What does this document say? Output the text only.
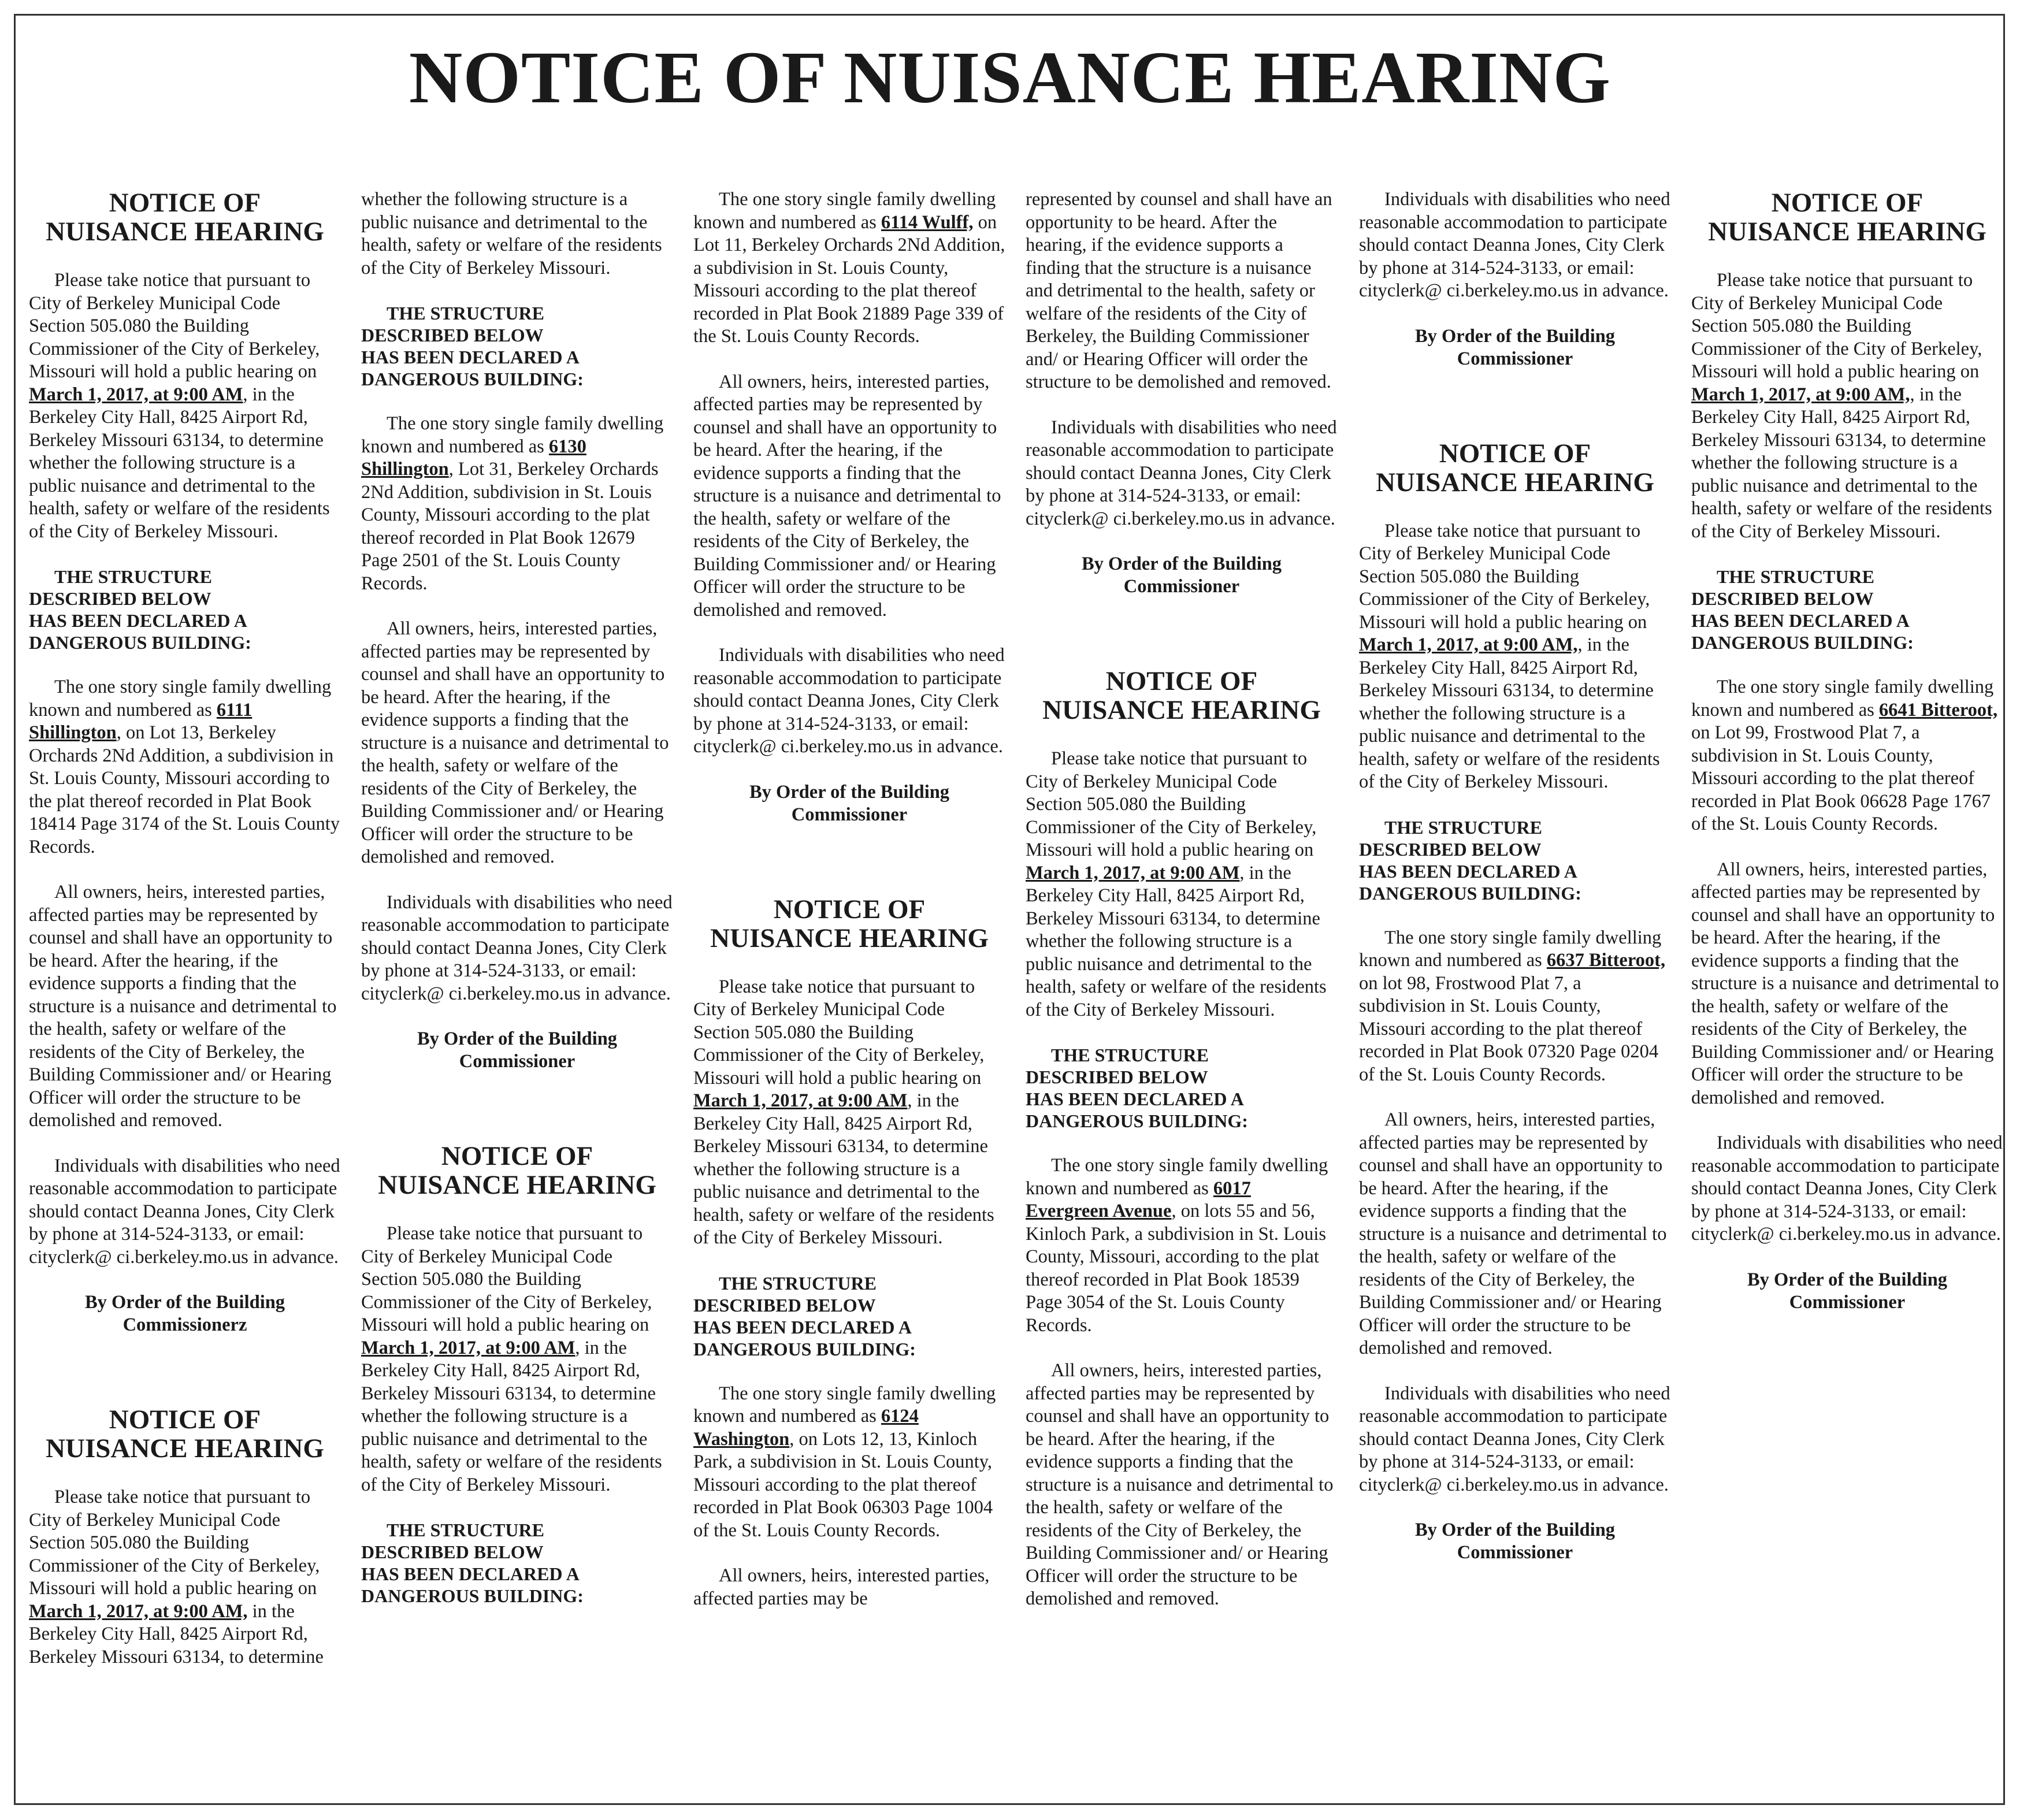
NOTICE OF NUISANCE HEARING
NOTICE OF
NUISANCE HEARING

Please take notice that pursuant to City of Berkeley Municipal Code Section 505.080 the Building Commissioner of the City of Berkeley, Missouri will hold a public hearing on March 1, 2017, at 9:00 AM, in the Berkeley City Hall, 8425 Airport Rd, Berkeley Missouri 63134, to determine whether the following structure is a public nuisance and detrimental to the health, safety or welfare of the residents of the City of Berkeley Missouri.

THE STRUCTURE
DESCRIBED BELOW
HAS BEEN DECLARED A
DANGEROUS BUILDING:

The one story single family dwelling known and numbered as 6111 Shillington, on Lot 13, Berkeley Orchards 2Nd Addition, a subdivision in St. Louis County, Missouri according to the plat thereof recorded in Plat Book 18414 Page 3174 of the St. Louis County Records.

All owners, heirs, interested parties, affected parties may be represented by counsel and shall have an opportunity to be heard. After the hearing, if the evidence supports a finding that the structure is a nuisance and detrimental to the health, safety or welfare of the residents of the City of Berkeley, the Building Commissioner and/ or Hearing Officer will order the structure to be demolished and removed.

Individuals with disabilities who need reasonable accommodation to participate should contact Deanna Jones, City Clerk by phone at 314-524-3133, or email: cityclerk@ ci.berkeley.mo.us in advance.

By Order of the Building
Commissionerz
NOTICE OF
NUISANCE HEARING

Please take notice that pursuant to City of Berkeley Municipal Code Section 505.080 the Building Commissioner of the City of Berkeley, Missouri will hold a public hearing on March 1, 2017, at 9:00 AM, in the Berkeley City Hall, 8425 Airport Rd, Berkeley Missouri 63134, to determine

whether the following structure is a public nuisance and detrimental to the health, safety or welfare of the residents of the City of Berkeley Missouri.

THE STRUCTURE
DESCRIBED BELOW
HAS BEEN DECLARED A
DANGEROUS BUILDING:

The one story single family dwelling known and numbered as 6130 Shillington, Lot 31, Berkeley Orchards 2Nd Addition, subdivision in St. Louis County, Missouri according to the plat thereof recorded in Plat Book 12679 Page 2501 of the St. Louis County Records.

All owners, heirs, interested parties, affected parties may be represented by counsel and shall have an opportunity to be heard. After the hearing, if the evidence supports a finding that the structure is a nuisance and detrimental to the health, safety or welfare of the residents of the City of Berkeley, the Building Commissioner and/ or Hearing Officer will order the structure to be demolished and removed.

Individuals with disabilities who need reasonable accommodation to participate should contact Deanna Jones, City Clerk by phone at 314-524-3133, or email: cityclerk@ ci.berkeley.mo.us in advance.

By Order of the Building
Commissioner
NOTICE OF
NUISANCE HEARING

Please take notice that pursuant to City of Berkeley Municipal Code Section 505.080 the Building Commissioner of the City of Berkeley, Missouri will hold a public hearing on March 1, 2017, at 9:00 AM, in the Berkeley City Hall, 8425 Airport Rd, Berkeley Missouri 63134, to determine whether the following structure is a public nuisance and detrimental to the health, safety or welfare of the residents of the City of Berkeley Missouri.

THE STRUCTURE
DESCRIBED BELOW
HAS BEEN DECLARED A
DANGEROUS BUILDING:

The one story single family dwelling known and numbered as 6114 Wulff, on Lot 11, Berkeley Orchards 2Nd Addition, a subdivision in St. Louis County, Missouri according to the plat thereof recorded in Plat Book 21889 Page 339 of the St. Louis County Records.

All owners, heirs, interested parties, affected parties may be represented by counsel and shall have an opportunity to be heard. After the hearing, if the evidence supports a finding that the structure is a nuisance and detrimental to the health, safety or welfare of the residents of the City of Berkeley, the Building Commissioner and/ or Hearing Officer will order the structure to be demolished and removed.

Individuals with disabilities who need reasonable accommodation to participate should contact Deanna Jones, City Clerk by phone at 314-524-3133, or email: cityclerk@ ci.berkeley.mo.us in advance.

By Order of the Building
Commissioner
NOTICE OF
NUISANCE HEARING

Please take notice that pursuant to City of Berkeley Municipal Code Section 505.080 the Building Commissioner of the City of Berkeley, Missouri will hold a public hearing on March 1, 2017, at 9:00 AM, in the Berkeley City Hall, 8425 Airport Rd, Berkeley Missouri 63134, to determine whether the following structure is a public nuisance and detrimental to the health, safety or welfare of the residents of the City of Berkeley Missouri.

THE STRUCTURE
DESCRIBED BELOW
HAS BEEN DECLARED A
DANGEROUS BUILDING:

The one story single family dwelling known and numbered as 6124 Washington, on Lots 12, 13, Kinloch Park, a subdivision in St. Louis County, Missouri according to the plat thereof recorded in Plat Book 06303 Page 1004 of the St. Louis County Records.

All owners, heirs, interested parties, affected parties may be

represented by counsel and shall have an opportunity to be heard. After the hearing, if the evidence supports a finding that the structure is a nuisance and detrimental to the health, safety or welfare of the residents of the City of Berkeley, the Building Commissioner and/ or Hearing Officer will order the structure to be demolished and removed.

Individuals with disabilities who need reasonable accommodation to participate should contact Deanna Jones, City Clerk by phone at 314-524-3133, or email: cityclerk@ ci.berkeley.mo.us in advance.

By Order of the Building
Commissioner
NOTICE OF
NUISANCE HEARING

Please take notice that pursuant to City of Berkeley Municipal Code Section 505.080 the Building Commissioner of the City of Berkeley, Missouri will hold a public hearing on March 1, 2017, at 9:00 AM, in the Berkeley City Hall, 8425 Airport Rd, Berkeley Missouri 63134, to determine whether the following structure is a public nuisance and detrimental to the health, safety or welfare of the residents of the City of Berkeley Missouri.

THE STRUCTURE
DESCRIBED BELOW
HAS BEEN DECLARED A
DANGEROUS BUILDING:

The one story single family dwelling known and numbered as 6017 Evergreen Avenue, on lots 55 and 56, Kinloch Park, a subdivision in St. Louis County, Missouri, according to the plat thereof recorded in Plat Book 18539 Page 3054 of the St. Louis County Records.

All owners, heirs, interested parties, affected parties may be represented by counsel and shall have an opportunity to be heard. After the hearing, if the evidence supports a finding that the structure is a nuisance and detrimental to the health, safety or welfare of the residents of the City of Berkeley, the Building Commissioner and/ or Hearing Officer will order the structure to be demolished and removed.

Individuals with disabilities who need reasonable accommodation to participate should contact Deanna Jones, City Clerk by phone at 314-524-3133, or email: cityclerk@ ci.berkeley.mo.us in advance.

By Order of the Building
Commissioner
NOTICE OF
NUISANCE HEARING

Please take notice that pursuant to City of Berkeley Municipal Code Section 505.080 the Building Commissioner of the City of Berkeley, Missouri will hold a public hearing on March 1, 2017, at 9:00 AM,, in the Berkeley City Hall, 8425 Airport Rd, Berkeley Missouri 63134, to determine whether the following structure is a public nuisance and detrimental to the health, safety or welfare of the residents of the City of Berkeley Missouri.

THE STRUCTURE
DESCRIBED BELOW
HAS BEEN DECLARED A
DANGEROUS BUILDING:

The one story single family dwelling known and numbered as 6637 Bitteroot, on lot 98, Frostwood Plat 7, a subdivision in St. Louis County, Missouri according to the plat thereof recorded in Plat Book 07320 Page 0204 of the St. Louis County Records.

All owners, heirs, interested parties, affected parties may be represented by counsel and shall have an opportunity to be heard. After the hearing, if the evidence supports a finding that the structure is a nuisance and detrimental to the health, safety or welfare of the residents of the City of Berkeley, the Building Commissioner and/ or Hearing Officer will order the structure to be demolished and removed.

Individuals with disabilities who need reasonable accommodation to participate should contact Deanna Jones, City Clerk by phone at 314-524-3133, or email: cityclerk@ ci.berkeley.mo.us in advance.

By Order of the Building
Commissioner
NOTICE OF
NUISANCE HEARING

Please take notice that pursuant to City of Berkeley Municipal Code Section 505.080 the Building Commissioner of the City of Berkeley, Missouri will hold a public hearing on March 1, 2017, at 9:00 AM,, in the Berkeley City Hall, 8425 Airport Rd, Berkeley Missouri 63134, to determine whether the following structure is a public nuisance and detrimental to the health, safety or welfare of the residents of the City of Berkeley Missouri.

THE STRUCTURE
DESCRIBED BELOW
HAS BEEN DECLARED A
DANGEROUS BUILDING:

The one story single family dwelling known and numbered as 6641 Bitteroot, on Lot 99, Frostwood Plat 7, a subdivision in St. Louis County, Missouri according to the plat thereof recorded in Plat Book 06628 Page 1767 of the St. Louis County Records.

All owners, heirs, interested parties, affected parties may be represented by counsel and shall have an opportunity to be heard. After the hearing, if the evidence supports a finding that the structure is a nuisance and detrimental to the health, safety or welfare of the residents of the City of Berkeley, the Building Commissioner and/ or Hearing Officer will order the structure to be demolished and removed.

Individuals with disabilities who need reasonable accommodation to participate should contact Deanna Jones, City Clerk by phone at 314-524-3133, or email: cityclerk@ ci.berkeley.mo.us in advance.

By Order of the Building
Commissioner
